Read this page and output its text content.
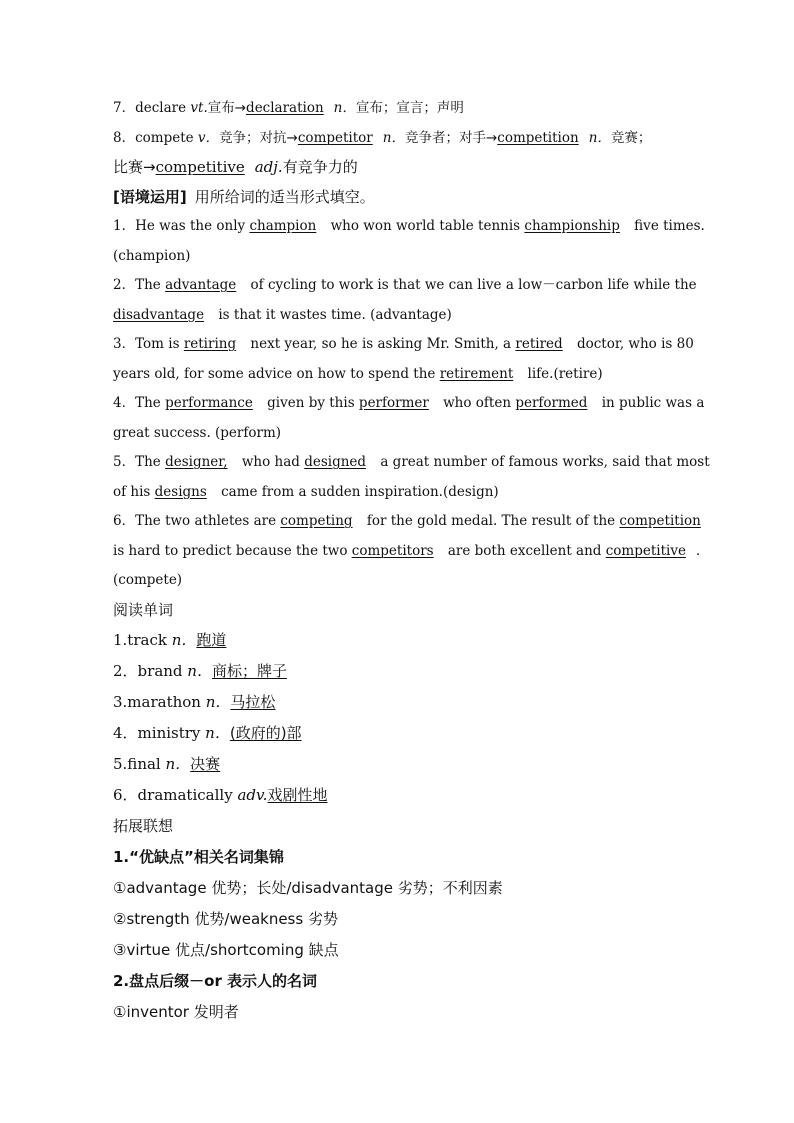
7．declare vt.宣布→declaration n．宣布；宣言；声明
8．compete v．竞争；对抗→competitor n．竞争者；对手→competition n．竞赛；
比赛→competitive adj.有竞争力的
[语境运用] 用所给词的适当形式填空。
1．He was the only champion who won world table tennis championship five times.
(champion)
2．The advantage of cycling to work is that we can live a low－carbon life while the
disadvantage is that it wastes time. (advantage)
3．Tom is retiring next year, so he is asking Mr. Smith, a retired doctor, who is 80
years old, for some advice on how to spend the retirement life.(retire)
4．The performance given by this performer who often performed in public was a
great success. (perform)
5．The designer, who had designed a great number of famous works, said that most
of his designs came from a sudden inspiration.(design)
6．The two athletes are competing for the gold medal. The result of the competition
is hard to predict because the two competitors are both excellent and competitive ．
(compete)
阅读单词
1.track n．跑道
2．brand n．商标；牌子
3.marathon n．马拉松
4．ministry n．(政府的)部
5.final n．决赛
6．dramatically adv.戏剧性地
拓展联想
1.“优缺点”相关名词集锦
①advantage 优势；长处/disadvantage 劣势；不利因素
②strength 优势/weakness 劣势
③virtue 优点/shortcoming 缺点
2.盘点后缀－or 表示人的名词
①inventor 发明者
